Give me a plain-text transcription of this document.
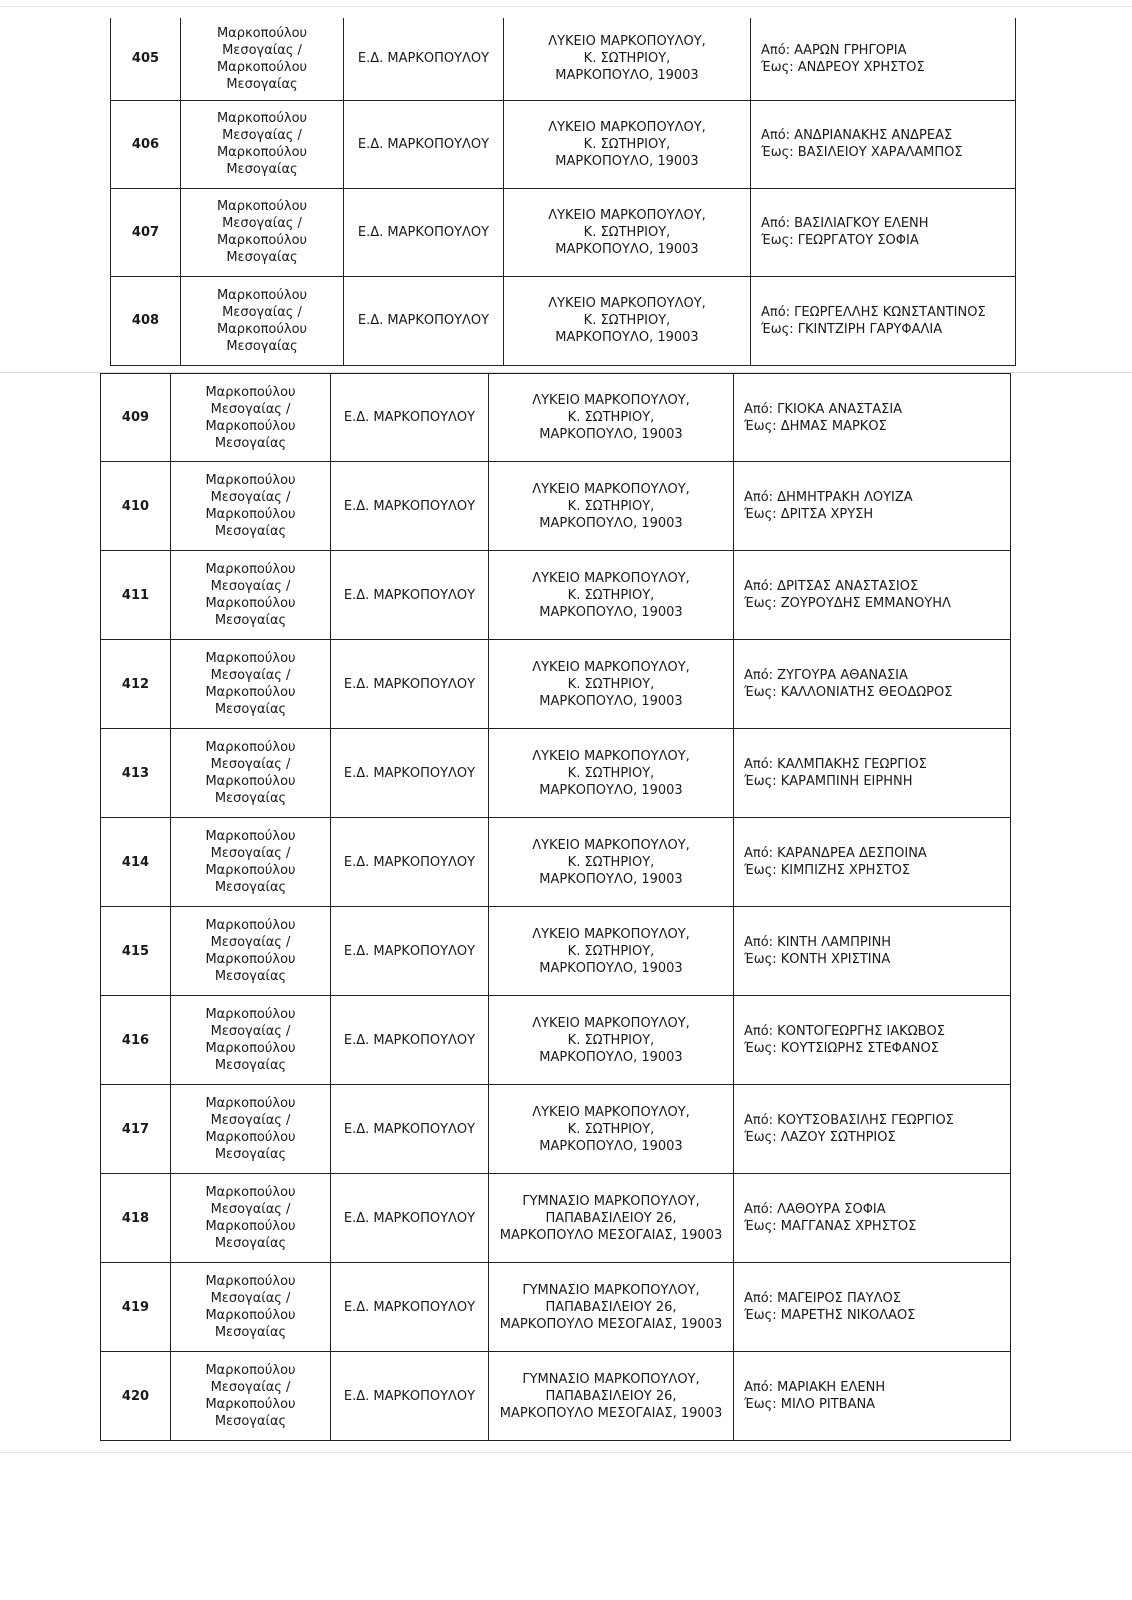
405	Μαρκοπούλου
Μεσογαίας /
Μαρκοπούλου
Μεσογαίας	Ε.Δ. ΜΑΡΚΟΠΟΥΛΟΥ	ΛΥΚΕΙΟ ΜΑΡΚΟΠΟΥΛΟΥ,
Κ. ΣΩΤΗΡΙΟΥ,
ΜΑΡΚΟΠΟΥΛΟ, 19003	Από: ΑΑΡΩΝ ΓΡΗΓΟΡΙΑ
Έως: ΑΝΔΡΕΟΥ ΧΡΗΣΤΟΣ

406	Μαρκοπούλου
Μεσογαίας /
Μαρκοπούλου
Μεσογαίας	Ε.Δ. ΜΑΡΚΟΠΟΥΛΟΥ	ΛΥΚΕΙΟ ΜΑΡΚΟΠΟΥΛΟΥ,
Κ. ΣΩΤΗΡΙΟΥ,
ΜΑΡΚΟΠΟΥΛΟ, 19003	Από: ΑΝΔΡΙΑΝΑΚΗΣ ΑΝΔΡΕΑΣ
Έως: ΒΑΣΙΛΕΙΟΥ ΧΑΡΑΛΑΜΠΟΣ

407	Μαρκοπούλου
Μεσογαίας /
Μαρκοπούλου
Μεσογαίας	Ε.Δ. ΜΑΡΚΟΠΟΥΛΟΥ	ΛΥΚΕΙΟ ΜΑΡΚΟΠΟΥΛΟΥ,
Κ. ΣΩΤΗΡΙΟΥ,
ΜΑΡΚΟΠΟΥΛΟ, 19003	Από: ΒΑΣΙΛΙΑΓΚΟΥ ΕΛΕΝΗ
Έως: ΓΕΩΡΓΑΤΟΥ ΣΟΦΙΑ

408	Μαρκοπούλου
Μεσογαίας /
Μαρκοπούλου
Μεσογαίας	Ε.Δ. ΜΑΡΚΟΠΟΥΛΟΥ	ΛΥΚΕΙΟ ΜΑΡΚΟΠΟΥΛΟΥ,
Κ. ΣΩΤΗΡΙΟΥ,
ΜΑΡΚΟΠΟΥΛΟ, 19003	Από: ΓΕΩΡΓΕΛΛΗΣ ΚΩΝΣΤΑΝΤΙΝΟΣ
Έως: ΓΚΙΝΤΖΙΡΗ ΓΑΡΥΦΑΛΙΑ
409	Μαρκοπούλου
Μεσογαίας /
Μαρκοπούλου
Μεσογαίας	Ε.Δ. ΜΑΡΚΟΠΟΥΛΟΥ	ΛΥΚΕΙΟ ΜΑΡΚΟΠΟΥΛΟΥ,
Κ. ΣΩΤΗΡΙΟΥ,
ΜΑΡΚΟΠΟΥΛΟ, 19003	Από: ΓΚΙΟΚΑ ΑΝΑΣΤΑΣΙΑ
Έως: ΔΗΜΑΣ ΜΑΡΚΟΣ

410	Μαρκοπούλου
Μεσογαίας /
Μαρκοπούλου
Μεσογαίας	Ε.Δ. ΜΑΡΚΟΠΟΥΛΟΥ	ΛΥΚΕΙΟ ΜΑΡΚΟΠΟΥΛΟΥ,
Κ. ΣΩΤΗΡΙΟΥ,
ΜΑΡΚΟΠΟΥΛΟ, 19003	Από: ΔΗΜΗΤΡΑΚΗ ΛΟΥΙΖΑ
Έως: ΔΡΙΤΣΑ ΧΡΥΣΗ

411	Μαρκοπούλου
Μεσογαίας /
Μαρκοπούλου
Μεσογαίας	Ε.Δ. ΜΑΡΚΟΠΟΥΛΟΥ	ΛΥΚΕΙΟ ΜΑΡΚΟΠΟΥΛΟΥ,
Κ. ΣΩΤΗΡΙΟΥ,
ΜΑΡΚΟΠΟΥΛΟ, 19003	Από: ΔΡΙΤΣΑΣ ΑΝΑΣΤΑΣΙΟΣ
Έως: ΖΟΥΡΟΥΔΗΣ ΕΜΜΑΝΟΥΗΛ

412	Μαρκοπούλου
Μεσογαίας /
Μαρκοπούλου
Μεσογαίας	Ε.Δ. ΜΑΡΚΟΠΟΥΛΟΥ	ΛΥΚΕΙΟ ΜΑΡΚΟΠΟΥΛΟΥ,
Κ. ΣΩΤΗΡΙΟΥ,
ΜΑΡΚΟΠΟΥΛΟ, 19003	Από: ΖΥΓΟΥΡΑ ΑΘΑΝΑΣΙΑ
Έως: ΚΑΛΛΟΝΙΑΤΗΣ ΘΕΟΔΩΡΟΣ

413	Μαρκοπούλου
Μεσογαίας /
Μαρκοπούλου
Μεσογαίας	Ε.Δ. ΜΑΡΚΟΠΟΥΛΟΥ	ΛΥΚΕΙΟ ΜΑΡΚΟΠΟΥΛΟΥ,
Κ. ΣΩΤΗΡΙΟΥ,
ΜΑΡΚΟΠΟΥΛΟ, 19003	Από: ΚΑΛΜΠΑΚΗΣ ΓΕΩΡΓΙΟΣ
Έως: ΚΑΡΑΜΠΙΝΗ ΕΙΡΗΝΗ

414	Μαρκοπούλου
Μεσογαίας /
Μαρκοπούλου
Μεσογαίας	Ε.Δ. ΜΑΡΚΟΠΟΥΛΟΥ	ΛΥΚΕΙΟ ΜΑΡΚΟΠΟΥΛΟΥ,
Κ. ΣΩΤΗΡΙΟΥ,
ΜΑΡΚΟΠΟΥΛΟ, 19003	Από: ΚΑΡΑΝΔΡΕΑ ΔΕΣΠΟΙΝΑ
Έως: ΚΙΜΠΙΖΗΣ ΧΡΗΣΤΟΣ

415	Μαρκοπούλου
Μεσογαίας /
Μαρκοπούλου
Μεσογαίας	Ε.Δ. ΜΑΡΚΟΠΟΥΛΟΥ	ΛΥΚΕΙΟ ΜΑΡΚΟΠΟΥΛΟΥ,
Κ. ΣΩΤΗΡΙΟΥ,
ΜΑΡΚΟΠΟΥΛΟ, 19003	Από: ΚΙΝΤΗ ΛΑΜΠΡΙΝΗ
Έως: ΚΟΝΤΗ ΧΡΙΣΤΙΝΑ

416	Μαρκοπούλου
Μεσογαίας /
Μαρκοπούλου
Μεσογαίας	Ε.Δ. ΜΑΡΚΟΠΟΥΛΟΥ	ΛΥΚΕΙΟ ΜΑΡΚΟΠΟΥΛΟΥ,
Κ. ΣΩΤΗΡΙΟΥ,
ΜΑΡΚΟΠΟΥΛΟ, 19003	Από: ΚΟΝΤΟΓΕΩΡΓΗΣ ΙΑΚΩΒΟΣ
Έως: ΚΟΥΤΣΙΩΡΗΣ ΣΤΕΦΑΝΟΣ

417	Μαρκοπούλου
Μεσογαίας /
Μαρκοπούλου
Μεσογαίας	Ε.Δ. ΜΑΡΚΟΠΟΥΛΟΥ	ΛΥΚΕΙΟ ΜΑΡΚΟΠΟΥΛΟΥ,
Κ. ΣΩΤΗΡΙΟΥ,
ΜΑΡΚΟΠΟΥΛΟ, 19003	Από: ΚΟΥΤΣΟΒΑΣΙΛΗΣ ΓΕΩΡΓΙΟΣ
Έως: ΛΑΖΟΥ ΣΩΤΗΡΙΟΣ

418	Μαρκοπούλου
Μεσογαίας /
Μαρκοπούλου
Μεσογαίας	Ε.Δ. ΜΑΡΚΟΠΟΥΛΟΥ	ΓΥΜΝΑΣΙΟ ΜΑΡΚΟΠΟΥΛΟΥ,
ΠΑΠΑΒΑΣΙΛΕΙΟΥ 26,
ΜΑΡΚΟΠΟΥΛΟ ΜΕΣΟΓΑΙΑΣ, 19003	Από: ΛΑΘΟΥΡΑ ΣΟΦΙΑ
Έως: ΜΑΓΓΑΝΑΣ ΧΡΗΣΤΟΣ

419	Μαρκοπούλου
Μεσογαίας /
Μαρκοπούλου
Μεσογαίας	Ε.Δ. ΜΑΡΚΟΠΟΥΛΟΥ	ΓΥΜΝΑΣΙΟ ΜΑΡΚΟΠΟΥΛΟΥ,
ΠΑΠΑΒΑΣΙΛΕΙΟΥ 26,
ΜΑΡΚΟΠΟΥΛΟ ΜΕΣΟΓΑΙΑΣ, 19003	Από: ΜΑΓΕΙΡΟΣ ΠΑΥΛΟΣ
Έως: ΜΑΡΕΤΗΣ ΝΙΚΟΛΑΟΣ

420	Μαρκοπούλου
Μεσογαίας /
Μαρκοπούλου
Μεσογαίας	Ε.Δ. ΜΑΡΚΟΠΟΥΛΟΥ	ΓΥΜΝΑΣΙΟ ΜΑΡΚΟΠΟΥΛΟΥ,
ΠΑΠΑΒΑΣΙΛΕΙΟΥ 26,
ΜΑΡΚΟΠΟΥΛΟ ΜΕΣΟΓΑΙΑΣ, 19003	Από: ΜΑΡΙΑΚΗ ΕΛΕΝΗ
Έως: ΜΙΛΟ ΡΙΤΒΑΝΑ
